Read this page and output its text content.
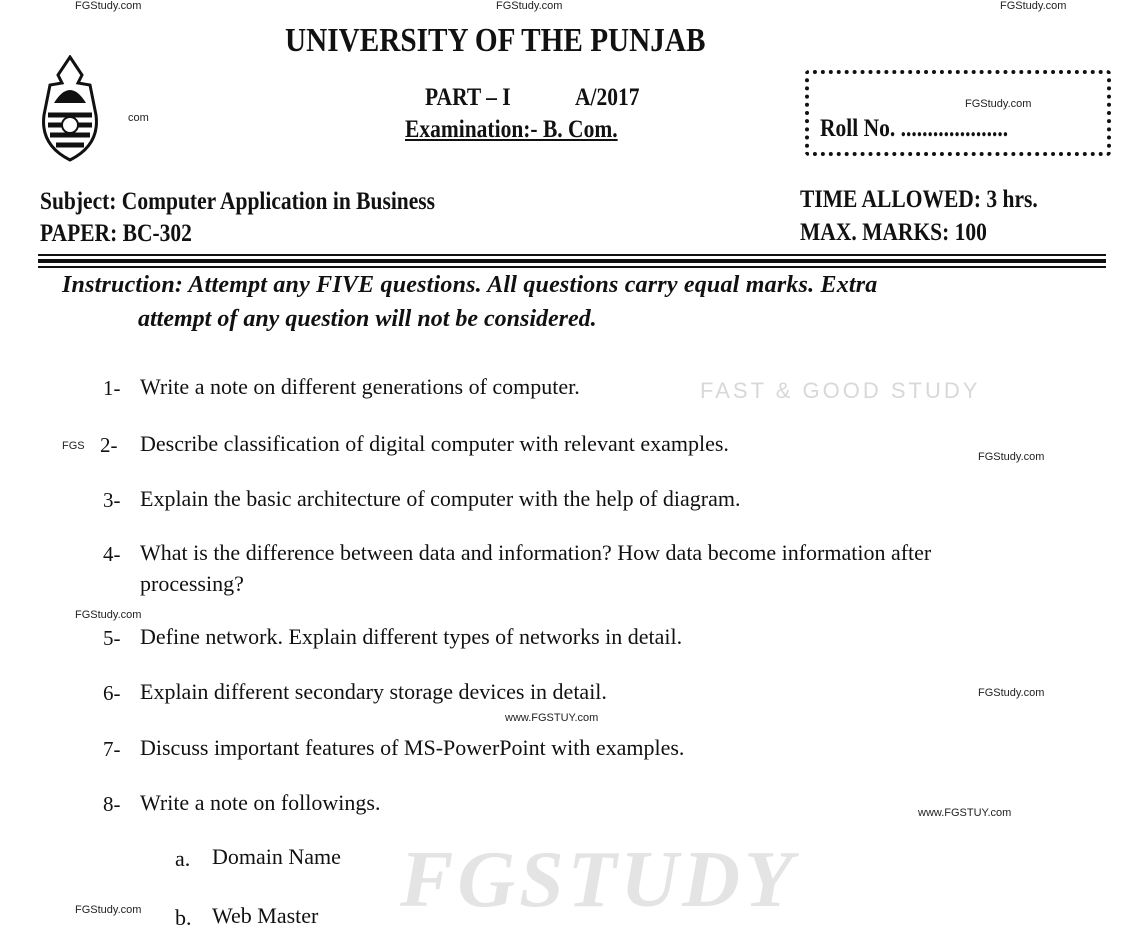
FGSTUDY
FAST & GOOD STUDY
FGStudy.com	FGStudy.com	FGStudy.com
UNIVERSITY OF THE PUNJAB
com
PART – I	A/2017
Examination:- B. Com.
FGStudy.com
Roll No. ....................
Subject: Computer Application in Business
PAPER: BC-302
TIME ALLOWED: 3 hrs.
MAX. MARKS: 100
Instruction: Attempt any FIVE questions. All questions carry equal marks. Extra
attempt of any question will not be considered.
1- Write a note on different generations of computer.
FGS 2- Describe classification of digital computer with relevant examples.
FGStudy.com
3- Explain the basic architecture of computer with the help of diagram.
4- What is the difference between data and information? How data become information after
processing?
FGStudy.com
5- Define network. Explain different types of networks in detail.
6- Explain different secondary storage devices in detail.	FGStudy.com
www.FGSTUY.com
7- Discuss important features of MS-PowerPoint with examples.
8- Write a note on followings.	www.FGSTUY.com
a. Domain Name
FGStudy.com b. Web Master
